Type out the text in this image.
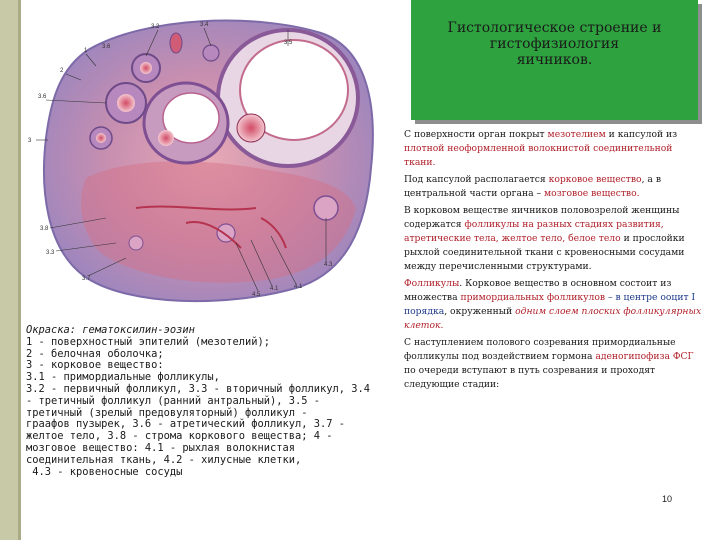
Гистологическое строение и
гистофизиология
яичников.
3.2	3.4
3.5
1
3.6
2
3.6
3
3.8
3.3
3.7
4.5
4.1	4.1
4.3
Окраска: гематоксилин-эозин
1 - поверхностный эпителий (мезотелий);
2 - белочная оболочка;
3 - корковое вещество:
3.1 - примордиальные фолликулы,
3.2 - первичный фолликул, 3.3 - вторичный фолликул, 3.4
- третичный фолликул (ранний антральный), 3.5 -
третичный (зрелый предовуляторный) фолликул -
граафов пузырек, 3.6 - атретический фолликул, 3.7 -
желтое тело, 3.8 - строма коркового вещества; 4 -
мозговое вещество: 4.1 - рыхлая волокнистая
соединительная ткань, 4.2 - хилусные клетки,
4.3 - кровеносные сосуды

С поверхности орган покрыт мезотелием и капсулой из плотной неоформленной волокнистой соединительной ткани.

Под капсулой располагается корковое вещество, а в центральной части органа – мозговое вещество.

В корковом веществе яичников половозрелой женщины содержатся фолликулы на разных стадиях развития, атретические тела, желтое тело, белое тело и прослойки рыхлой соединительной ткани с кровеносными сосудами между перечисленными структурами.

Фолликулы. Корковое вещество в основном состоит из множества примордиальных фолликулов – в центре ооцит I порядка, окруженный одним слоем плоских фолликулярных клеток.

С наступлением полового созревания примордиальные фолликулы под воздействием гормона аденогипофиза ФСГ по очереди вступают в путь созревания и проходят следующие стадии:

10
